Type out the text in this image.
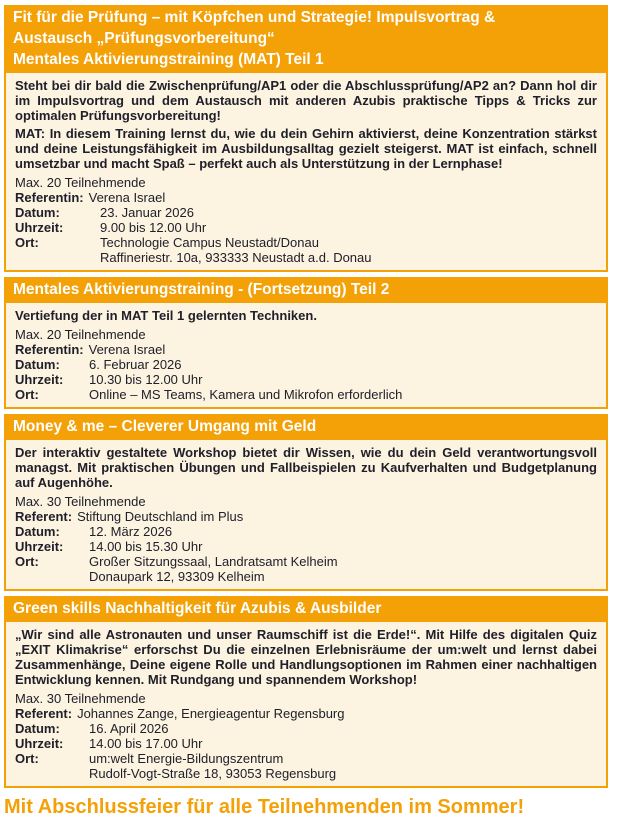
Fit für die Prüfung – mit Köpfchen und Strategie! Impulsvortrag &
Austausch „Prüfungsvorbereitung“
Mentales Aktivierungstraining (MAT) Teil 1

Steht bei dir bald die Zwischenprüfung/AP1 oder die Abschlussprüfung/AP2 an? Dann hol dir im Impulsvortrag und dem Austausch mit anderen Azubis praktische Tipps & Tricks zur optimalen Prüfungsvorbereitung!

MAT: In diesem Training lernst du, wie du dein Gehirn aktivierst, deine Konzentration stärkst und deine Leistungsfähigkeit im Ausbildungsalltag gezielt steigerst. MAT ist einfach, schnell umsetzbar und macht Spaß – perfekt auch als Unterstützung in der Lernphase!

Max. 20 Teilnehmende
Referentin: Verena Israel
Datum:	23. Januar 2026
Uhrzeit:	9.00 bis 12.00 Uhr
Ort:	Technologie Campus Neustadt/Donau
Raffineriestr. 10a, 933333 Neustadt a.d. Donau
Mentales Aktivierungstraining - (Fortsetzung) Teil 2

Vertiefung der in MAT Teil 1 gelernten Techniken.

Max. 20 Teilnehmende
Referentin: Verena Israel
Datum:	6. Februar 2026
Uhrzeit:	10.30 bis 12.00 Uhr
Ort:	Online – MS Teams, Kamera und Mikrofon erforderlich
Money & me – Cleverer Umgang mit Geld

Der interaktiv gestaltete Workshop bietet dir Wissen, wie du dein Geld verantwortungsvoll managst. Mit praktischen Übungen und Fallbeispielen zu Kaufverhalten und Budgetplanung auf Augenhöhe.

Max. 30 Teilnehmende
Referent: Stiftung Deutschland im Plus
Datum:	12. März 2026
Uhrzeit:	14.00 bis 15.30 Uhr
Ort:	Großer Sitzungssaal, Landratsamt Kelheim
Donaupark 12, 93309 Kelheim
Green skills Nachhaltigkeit für Azubis & Ausbilder

„Wir sind alle Astronauten und unser Raumschiff ist die Erde!“. Mit Hilfe des digitalen Quiz „EXIT Klimakrise“ erforschst Du die einzelnen Erlebnisräume der um:welt und lernst dabei Zusammenhänge, Deine eigene Rolle und Handlungsoptionen im Rahmen einer nachhaltigen Entwicklung kennen. Mit Rundgang und spannendem Workshop!

Max. 30 Teilnehmende
Referent: Johannes Zange, Energieagentur Regensburg
Datum:	16. April 2026
Uhrzeit:	14.00 bis 17.00 Uhr
Ort:	um:welt Energie-Bildungszentrum
Rudolf-Vogt-Straße 18, 93053 Regensburg
Mit Abschlussfeier für alle Teilnehmenden im Sommer!
